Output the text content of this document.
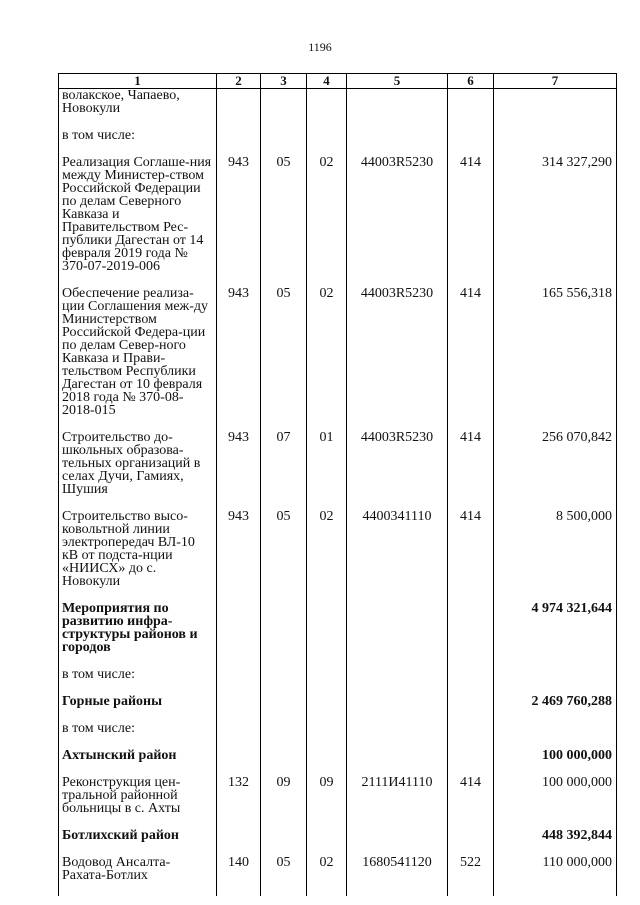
1196
1	2	3	4	5	6	7
волакское, Чапаево, Новокули						
в том числе:						
Реализация Соглаше-ния между Министер-ством Российской Федерации по делам Северного Кавказа и Правительством Рес-публики Дагестан от 14 февраля 2019 года № 370-07-2019-006	943	05	02	44003R5230	414	314 327,290
Обеспечение реализа-ции Соглашения меж-ду Министерством Российской Федера-ции по делам Север-ного Кавказа и Прави-тельством Республики Дагестан от 10 февраля 2018 года № 370-08-2018-015	943	05	02	44003R5230	414	165 556,318
Строительство до-школьных образова-тельных организаций в селах Дучи, Гамиях, Шушия	943	07	01	44003R5230	414	256 070,842
Строительство высо-ковольтной линии электропередач ВЛ-10 кВ от подста-нции «НИИСХ» до с. Новокули	943	05	02	4400341110	414	8 500,000
Мероприятия по развитию инфра-структуры районов и городов						4 974 321,644
в том числе:						
Горные районы						2 469 760,288
в том числе:						
Ахтынский район						100 000,000
Реконструкция цен-тральной районной больницы в с. Ахты	132	09	09	2111И41110	414	100 000,000
Ботлихский район						448 392,844
Водовод Ансалта-Рахата-Ботлих	140	05	02	1680541120	522	110 000,000
